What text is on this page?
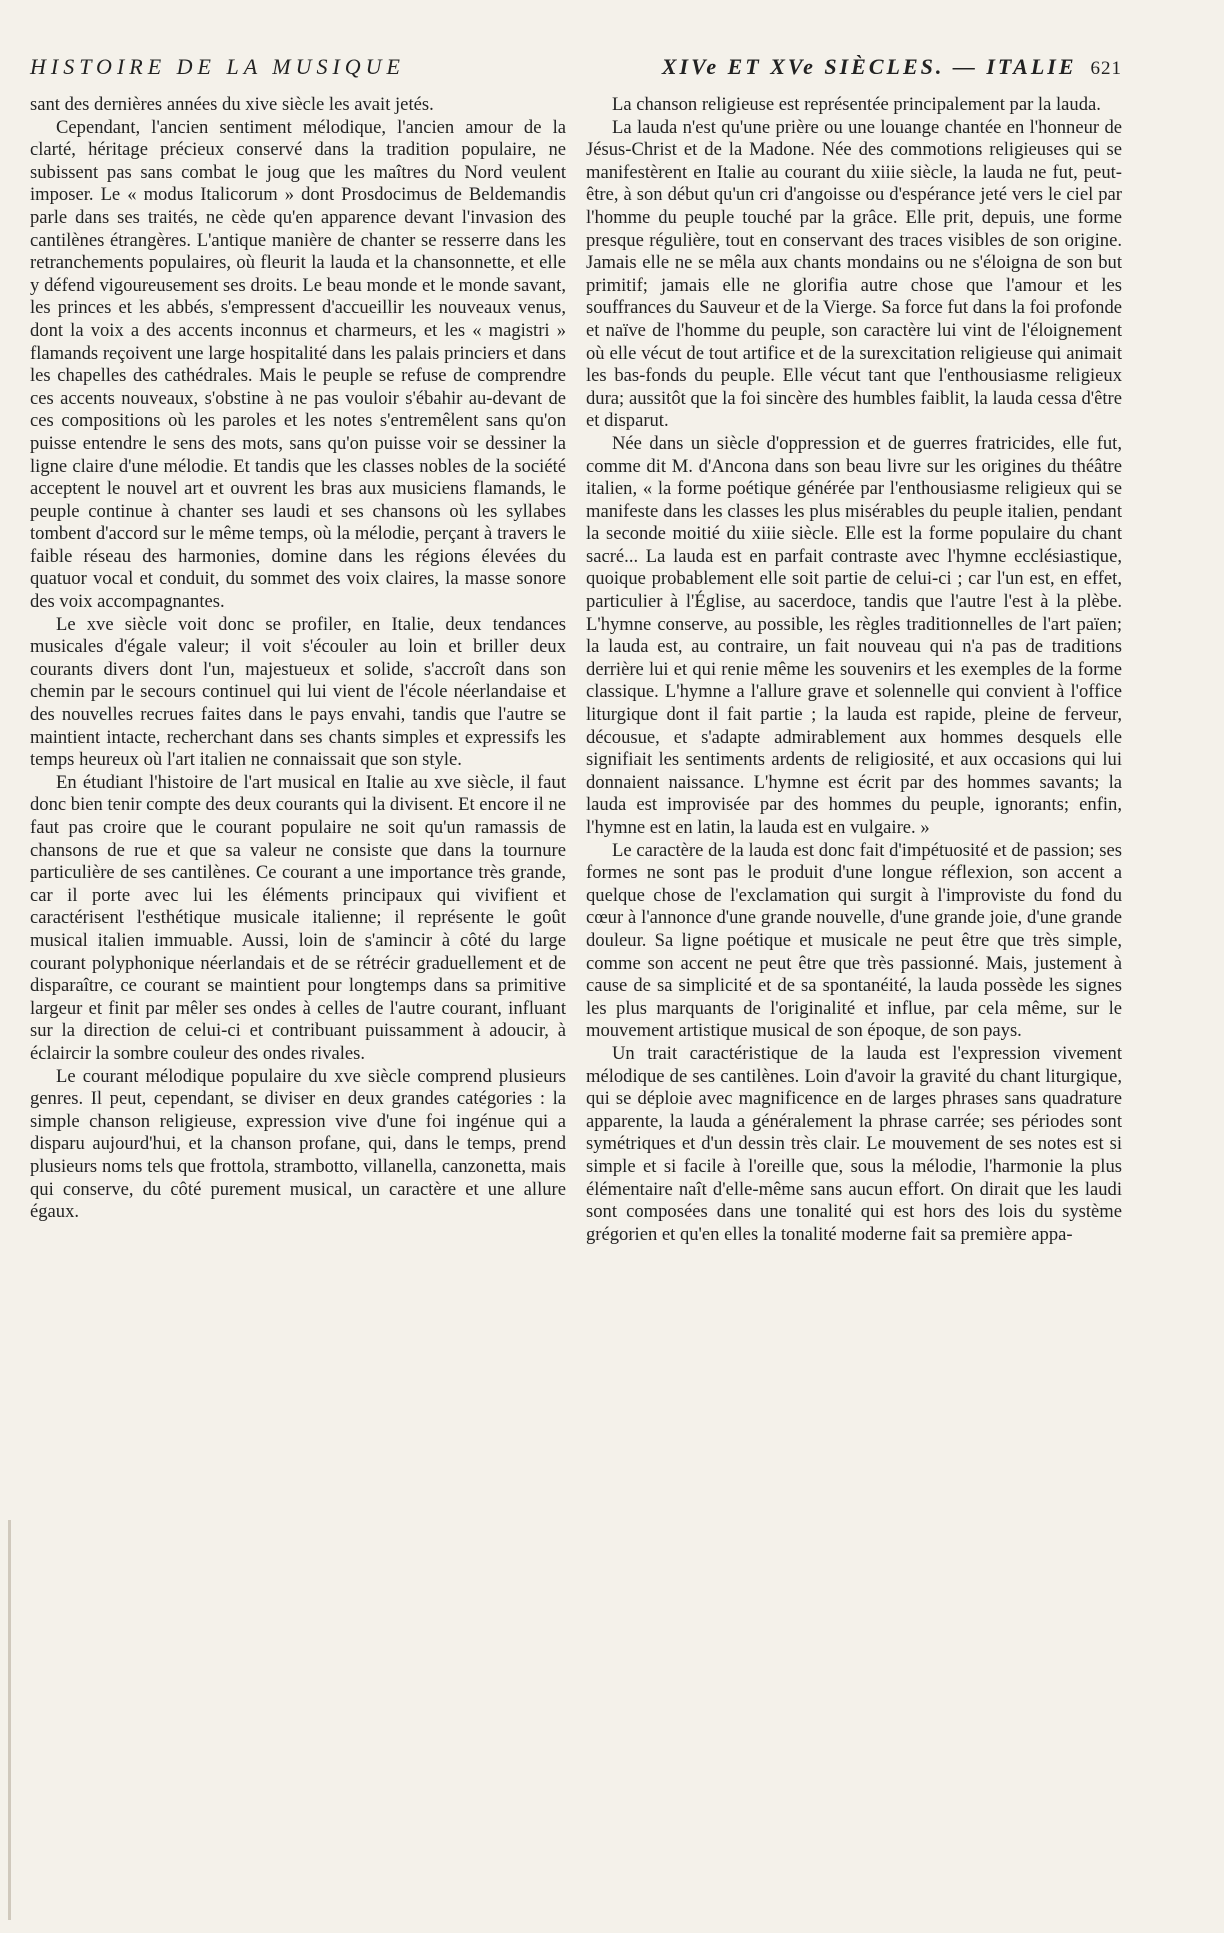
HISTOIRE DE LA MUSIQUE	XIVe ET XVe SIÈCLES. — ITALIE 621

sant des dernières années du xive siècle les avait jetés.

Cependant, l'ancien sentiment mélodique, l'ancien amour de la clarté, héritage précieux conservé dans la tradition populaire, ne subissent pas sans combat le joug que les maîtres du Nord veulent imposer. Le « modus Italicorum » dont Prosdocimus de Beldemandis parle dans ses traités, ne cède qu'en apparence devant l'invasion des cantilènes étrangères. L'antique manière de chanter se resserre dans les retranchements populaires, où fleurit la lauda et la chansonnette, et elle y défend vigoureusement ses droits. Le beau monde et le monde savant, les princes et les abbés, s'empressent d'accueillir les nouveaux venus, dont la voix a des accents inconnus et charmeurs, et les « magistri » flamands reçoivent une large hospitalité dans les palais princiers et dans les chapelles des cathédrales. Mais le peuple se refuse de comprendre ces accents nouveaux, s'obstine à ne pas vouloir s'ébahir au-devant de ces compositions où les paroles et les notes s'entremêlent sans qu'on puisse entendre le sens des mots, sans qu'on puisse voir se dessiner la ligne claire d'une mélodie. Et tandis que les classes nobles de la société acceptent le nouvel art et ouvrent les bras aux musiciens flamands, le peuple continue à chanter ses laudi et ses chansons où les syllabes tombent d'accord sur le même temps, où la mélodie, perçant à travers le faible réseau des harmonies, domine dans les régions élevées du quatuor vocal et conduit, du sommet des voix claires, la masse sonore des voix accompagnantes.

Le xve siècle voit donc se profiler, en Italie, deux tendances musicales d'égale valeur; il voit s'écouler au loin et briller deux courants divers dont l'un, majestueux et solide, s'accroît dans son chemin par le secours continuel qui lui vient de l'école néerlandaise et des nouvelles recrues faites dans le pays envahi, tandis que l'autre se maintient intacte, recherchant dans ses chants simples et expressifs les temps heureux où l'art italien ne connaissait que son style.

En étudiant l'histoire de l'art musical en Italie au xve siècle, il faut donc bien tenir compte des deux courants qui la divisent. Et encore il ne faut pas croire que le courant populaire ne soit qu'un ramassis de chansons de rue et que sa valeur ne consiste que dans la tournure particulière de ses cantilènes. Ce courant a une importance très grande, car il porte avec lui les éléments principaux qui vivifient et caractérisent l'esthétique musicale italienne; il représente le goût musical italien immuable. Aussi, loin de s'amincir à côté du large courant polyphonique néerlandais et de se rétrécir graduellement et de disparaître, ce courant se maintient pour longtemps dans sa primitive largeur et finit par mêler ses ondes à celles de l'autre courant, influant sur la direction de celui-ci et contribuant puissamment à adoucir, à éclaircir la sombre couleur des ondes rivales.

Le courant mélodique populaire du xve siècle comprend plusieurs genres. Il peut, cependant, se diviser en deux grandes catégories : la simple chanson religieuse, expression vive d'une foi ingénue qui a disparu aujourd'hui, et la chanson profane, qui, dans le temps, prend plusieurs noms tels que frottola, strambotto, villanella, canzonetta, mais qui conserve, du côté purement musical, un caractère et une allure égaux.

La chanson religieuse est représentée principalement par la lauda.

La lauda n'est qu'une prière ou une louange chantée en l'honneur de Jésus-Christ et de la Madone. Née des commotions religieuses qui se manifestèrent en Italie au courant du xiiie siècle, la lauda ne fut, peut-être, à son début qu'un cri d'angoisse ou d'espérance jeté vers le ciel par l'homme du peuple touché par la grâce. Elle prit, depuis, une forme presque régulière, tout en conservant des traces visibles de son origine. Jamais elle ne se mêla aux chants mondains ou ne s'éloigna de son but primitif; jamais elle ne glorifia autre chose que l'amour et les souffrances du Sauveur et de la Vierge. Sa force fut dans la foi profonde et naïve de l'homme du peuple, son caractère lui vint de l'éloignement où elle vécut de tout artifice et de la surexcitation religieuse qui animait les bas-fonds du peuple. Elle vécut tant que l'enthousiasme religieux dura; aussitôt que la foi sincère des humbles faiblit, la lauda cessa d'être et disparut.

Née dans un siècle d'oppression et de guerres fratricides, elle fut, comme dit M. d'Ancona dans son beau livre sur les origines du théâtre italien, « la forme poétique générée par l'enthousiasme religieux qui se manifeste dans les classes les plus misérables du peuple italien, pendant la seconde moitié du xiiie siècle. Elle est la forme populaire du chant sacré... La lauda est en parfait contraste avec l'hymne ecclésiastique, quoique probablement elle soit partie de celui-ci ; car l'un est, en effet, particulier à l'Église, au sacerdoce, tandis que l'autre l'est à la plèbe. L'hymne conserve, au possible, les règles traditionnelles de l'art païen; la lauda est, au contraire, un fait nouveau qui n'a pas de traditions derrière lui et qui renie même les souvenirs et les exemples de la forme classique. L'hymne a l'allure grave et solennelle qui convient à l'office liturgique dont il fait partie ; la lauda est rapide, pleine de ferveur, décousue, et s'adapte admirablement aux hommes desquels elle signifiait les sentiments ardents de religiosité, et aux occasions qui lui donnaient naissance. L'hymne est écrit par des hommes savants; la lauda est improvisée par des hommes du peuple, ignorants; enfin, l'hymne est en latin, la lauda est en vulgaire. »

Le caractère de la lauda est donc fait d'impétuosité et de passion; ses formes ne sont pas le produit d'une longue réflexion, son accent a quelque chose de l'exclamation qui surgit à l'improviste du fond du cœur à l'annonce d'une grande nouvelle, d'une grande joie, d'une grande douleur. Sa ligne poétique et musicale ne peut être que très simple, comme son accent ne peut être que très passionné. Mais, justement à cause de sa simplicité et de sa spontanéité, la lauda possède les signes les plus marquants de l'originalité et influe, par cela même, sur le mouvement artistique musical de son époque, de son pays.

Un trait caractéristique de la lauda est l'expression vivement mélodique de ses cantilènes. Loin d'avoir la gravité du chant liturgique, qui se déploie avec magnificence en de larges phrases sans quadrature apparente, la lauda a généralement la phrase carrée; ses périodes sont symétriques et d'un dessin très clair. Le mouvement de ses notes est si simple et si facile à l'oreille que, sous la mélodie, l'harmonie la plus élémentaire naît d'elle-même sans aucun effort. On dirait que les laudi sont composées dans une tonalité qui est hors des lois du système grégorien et qu'en elles la tonalité moderne fait sa première appa-
